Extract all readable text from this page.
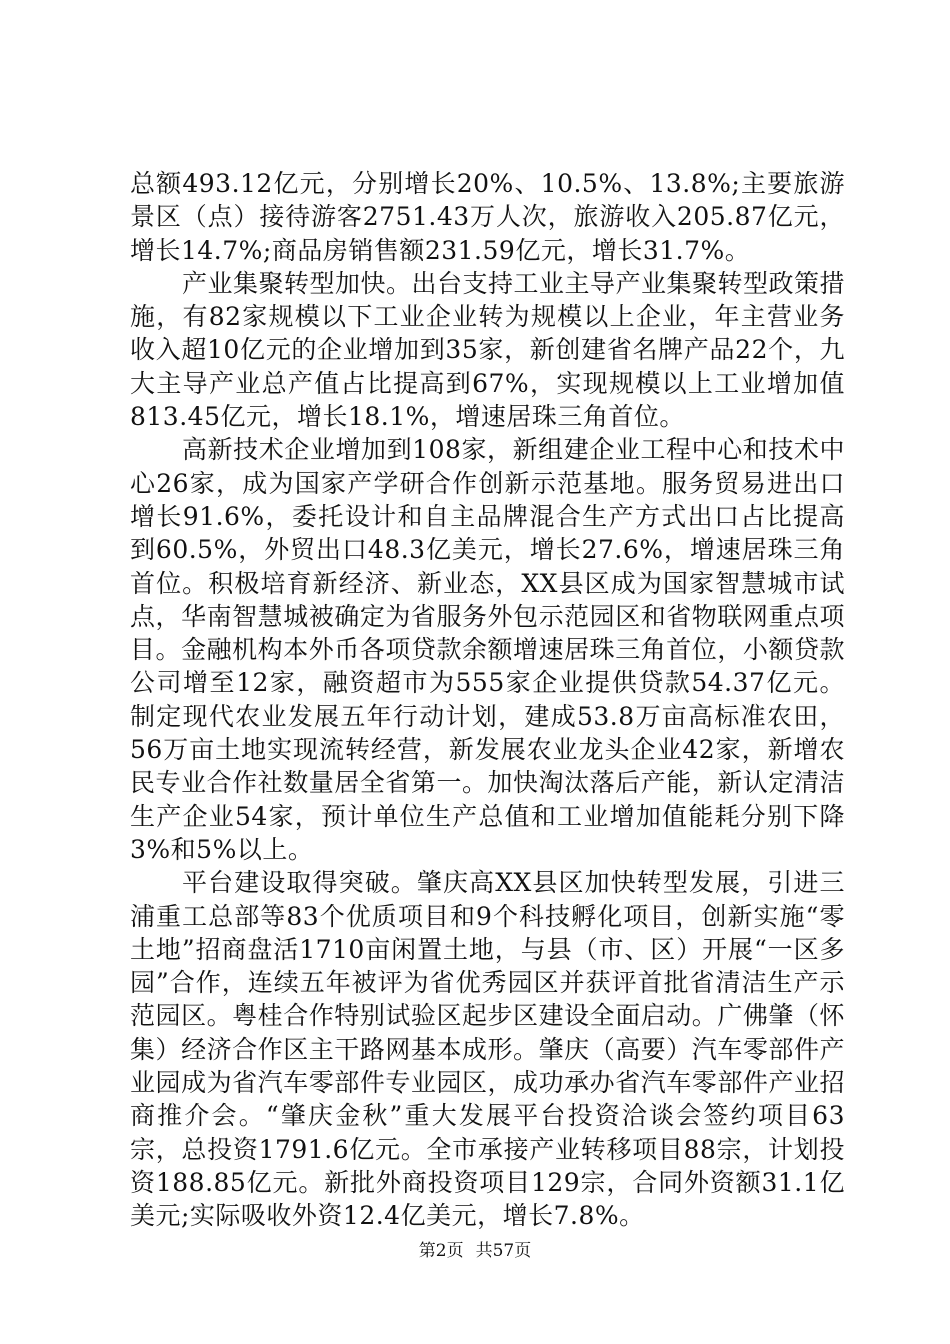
总额493.12亿元，分别增长20%、10.5%、13.8%;主要旅游景区（点）接待游客2751.43万人次，旅游收入205.87亿元，增长14.7%;商品房销售额231.59亿元，增长31.7%。

产业集聚转型加快。出台支持工业主导产业集聚转型政策措施，有82家规模以下工业企业转为规模以上企业，年主营业务收入超10亿元的企业增加到35家，新创建省名牌产品22个，九大主导产业总产值占比提高到67%，实现规模以上工业增加值813.45亿元，增长18.1%，增速居珠三角首位。

高新技术企业增加到108家，新组建企业工程中心和技术中心26家，成为国家产学研合作创新示范基地。服务贸易进出口增长91.6%，委托设计和自主品牌混合生产方式出口占比提高到60.5%，外贸出口48.3亿美元，增长27.6%，增速居珠三角首位。积极培育新经济、新业态，XX县区成为国家智慧城市试点，华南智慧城被确定为省服务外包示范园区和省物联网重点项目。金融机构本外币各项贷款余额增速居珠三角首位，小额贷款公司增至12家，融资超市为555家企业提供贷款54.37亿元。制定现代农业发展五年行动计划，建成53.8万亩高标准农田，56万亩土地实现流转经营，新发展农业龙头企业42家，新增农民专业合作社数量居全省第一。加快淘汰落后产能，新认定清洁生产企业54家，预计单位生产总值和工业增加值能耗分别下降3%和5%以上。

平台建设取得突破。肇庆高XX县区加快转型发展，引进三浦重工总部等83个优质项目和9个科技孵化项目，创新实施“零土地”招商盘活1710亩闲置土地，与县（市、区）开展“一区多园”合作，连续五年被评为省优秀园区并获评首批省清洁生产示范园区。粤桂合作特别试验区起步区建设全面启动。广佛肇（怀集）经济合作区主干路网基本成形。肇庆（高要）汽车零部件产业园成为省汽车零部件专业园区，成功承办省汽车零部件产业招商推介会。“肇庆金秋”重大发展平台投资洽谈会签约项目63宗，总投资1791.6亿元。全市承接产业转移项目88宗，计划投资188.85亿元。新批外商投资项目129宗，合同外资额31.1亿美元;实际吸收外资12.4亿美元，增长7.8%。

第2页 共57页
